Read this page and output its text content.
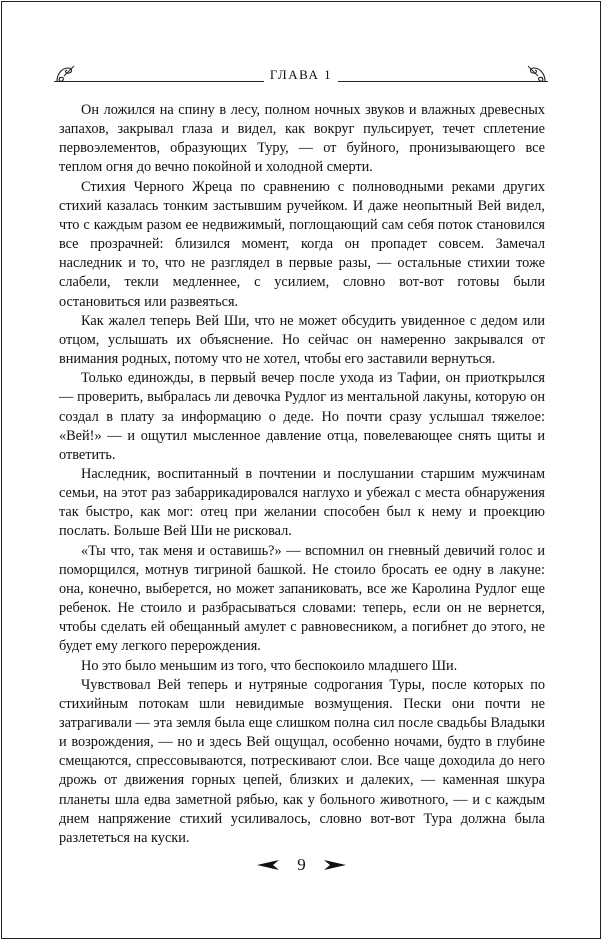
ГЛАВА 1

Он ложился на спину в лесу, полном ночных звуков и влажных древесных запахов, закрывал глаза и видел, как вокруг пульсирует, течет сплетение первоэлементов, образующих Туру, — от буйного, пронизывающего все теплом огня до вечно покойной и холодной смерти.

Стихия Черного Жреца по сравнению с полноводными реками других стихий казалась тонким застывшим ручейком. И даже неопытный Вей видел, что с каждым разом ее недвижимый, поглощающий сам себя поток становился все прозрачней: близился момент, когда он пропадет совсем. Замечал наследник и то, что не разглядел в первые разы, — остальные стихии тоже слабели, текли медленнее, с усилием, словно вот-вот готовы были остановиться или развеяться.

Как жалел теперь Вей Ши, что не может обсудить увиденное с дедом или отцом, услышать их объяснение. Но сейчас он намеренно закрывался от внимания родных, потому что не хотел, чтобы его заставили вернуться.

Только единожды, в первый вечер после ухода из Тафии, он приоткрылся — проверить, выбралась ли девочка Рудлог из ментальной лакуны, которую он создал в плату за информацию о деде. Но почти сразу услышал тяжелое: «Вей!» — и ощутил мысленное давление отца, повелевающее снять щиты и ответить.

Наследник, воспитанный в почтении и послушании старшим мужчинам семьи, на этот раз забаррикадировался наглухо и убежал с места обнаружения так быстро, как мог: отец при желании способен был к нему и проекцию послать. Больше Вей Ши не рисковал.

«Ты что, так меня и оставишь?» — вспомнил он гневный девичий голос и поморщился, мотнув тигриной башкой. Не стоило бросать ее одну в лакуне: она, конечно, выберется, но может запаниковать, все же Каролина Рудлог еще ребенок. Не стоило и разбрасываться словами: теперь, если он не вернется, чтобы сделать ей обещанный амулет с равновесником, а погибнет до этого, не будет ему легкого перерождения.

Но это было меньшим из того, что беспокоило младшего Ши.

Чувствовал Вей теперь и нутряные содрогания Туры, после которых по стихийным потокам шли невидимые возмущения. Пески они почти не затрагивали — эта земля была еще слишком полна сил после свадьбы Владыки и возрождения, — но и здесь Вей ощущал, особенно ночами, будто в глубине смещаются, спрессовываются, потрескивают слои. Все чаще доходила до него дрожь от движения горных цепей, близких и далеких, — каменная шкура планеты шла едва заметной рябью, как у больного животного, — и с каждым днем напряжение стихий усиливалось, словно вот-вот Тура должна была разлететься на куски.

9
